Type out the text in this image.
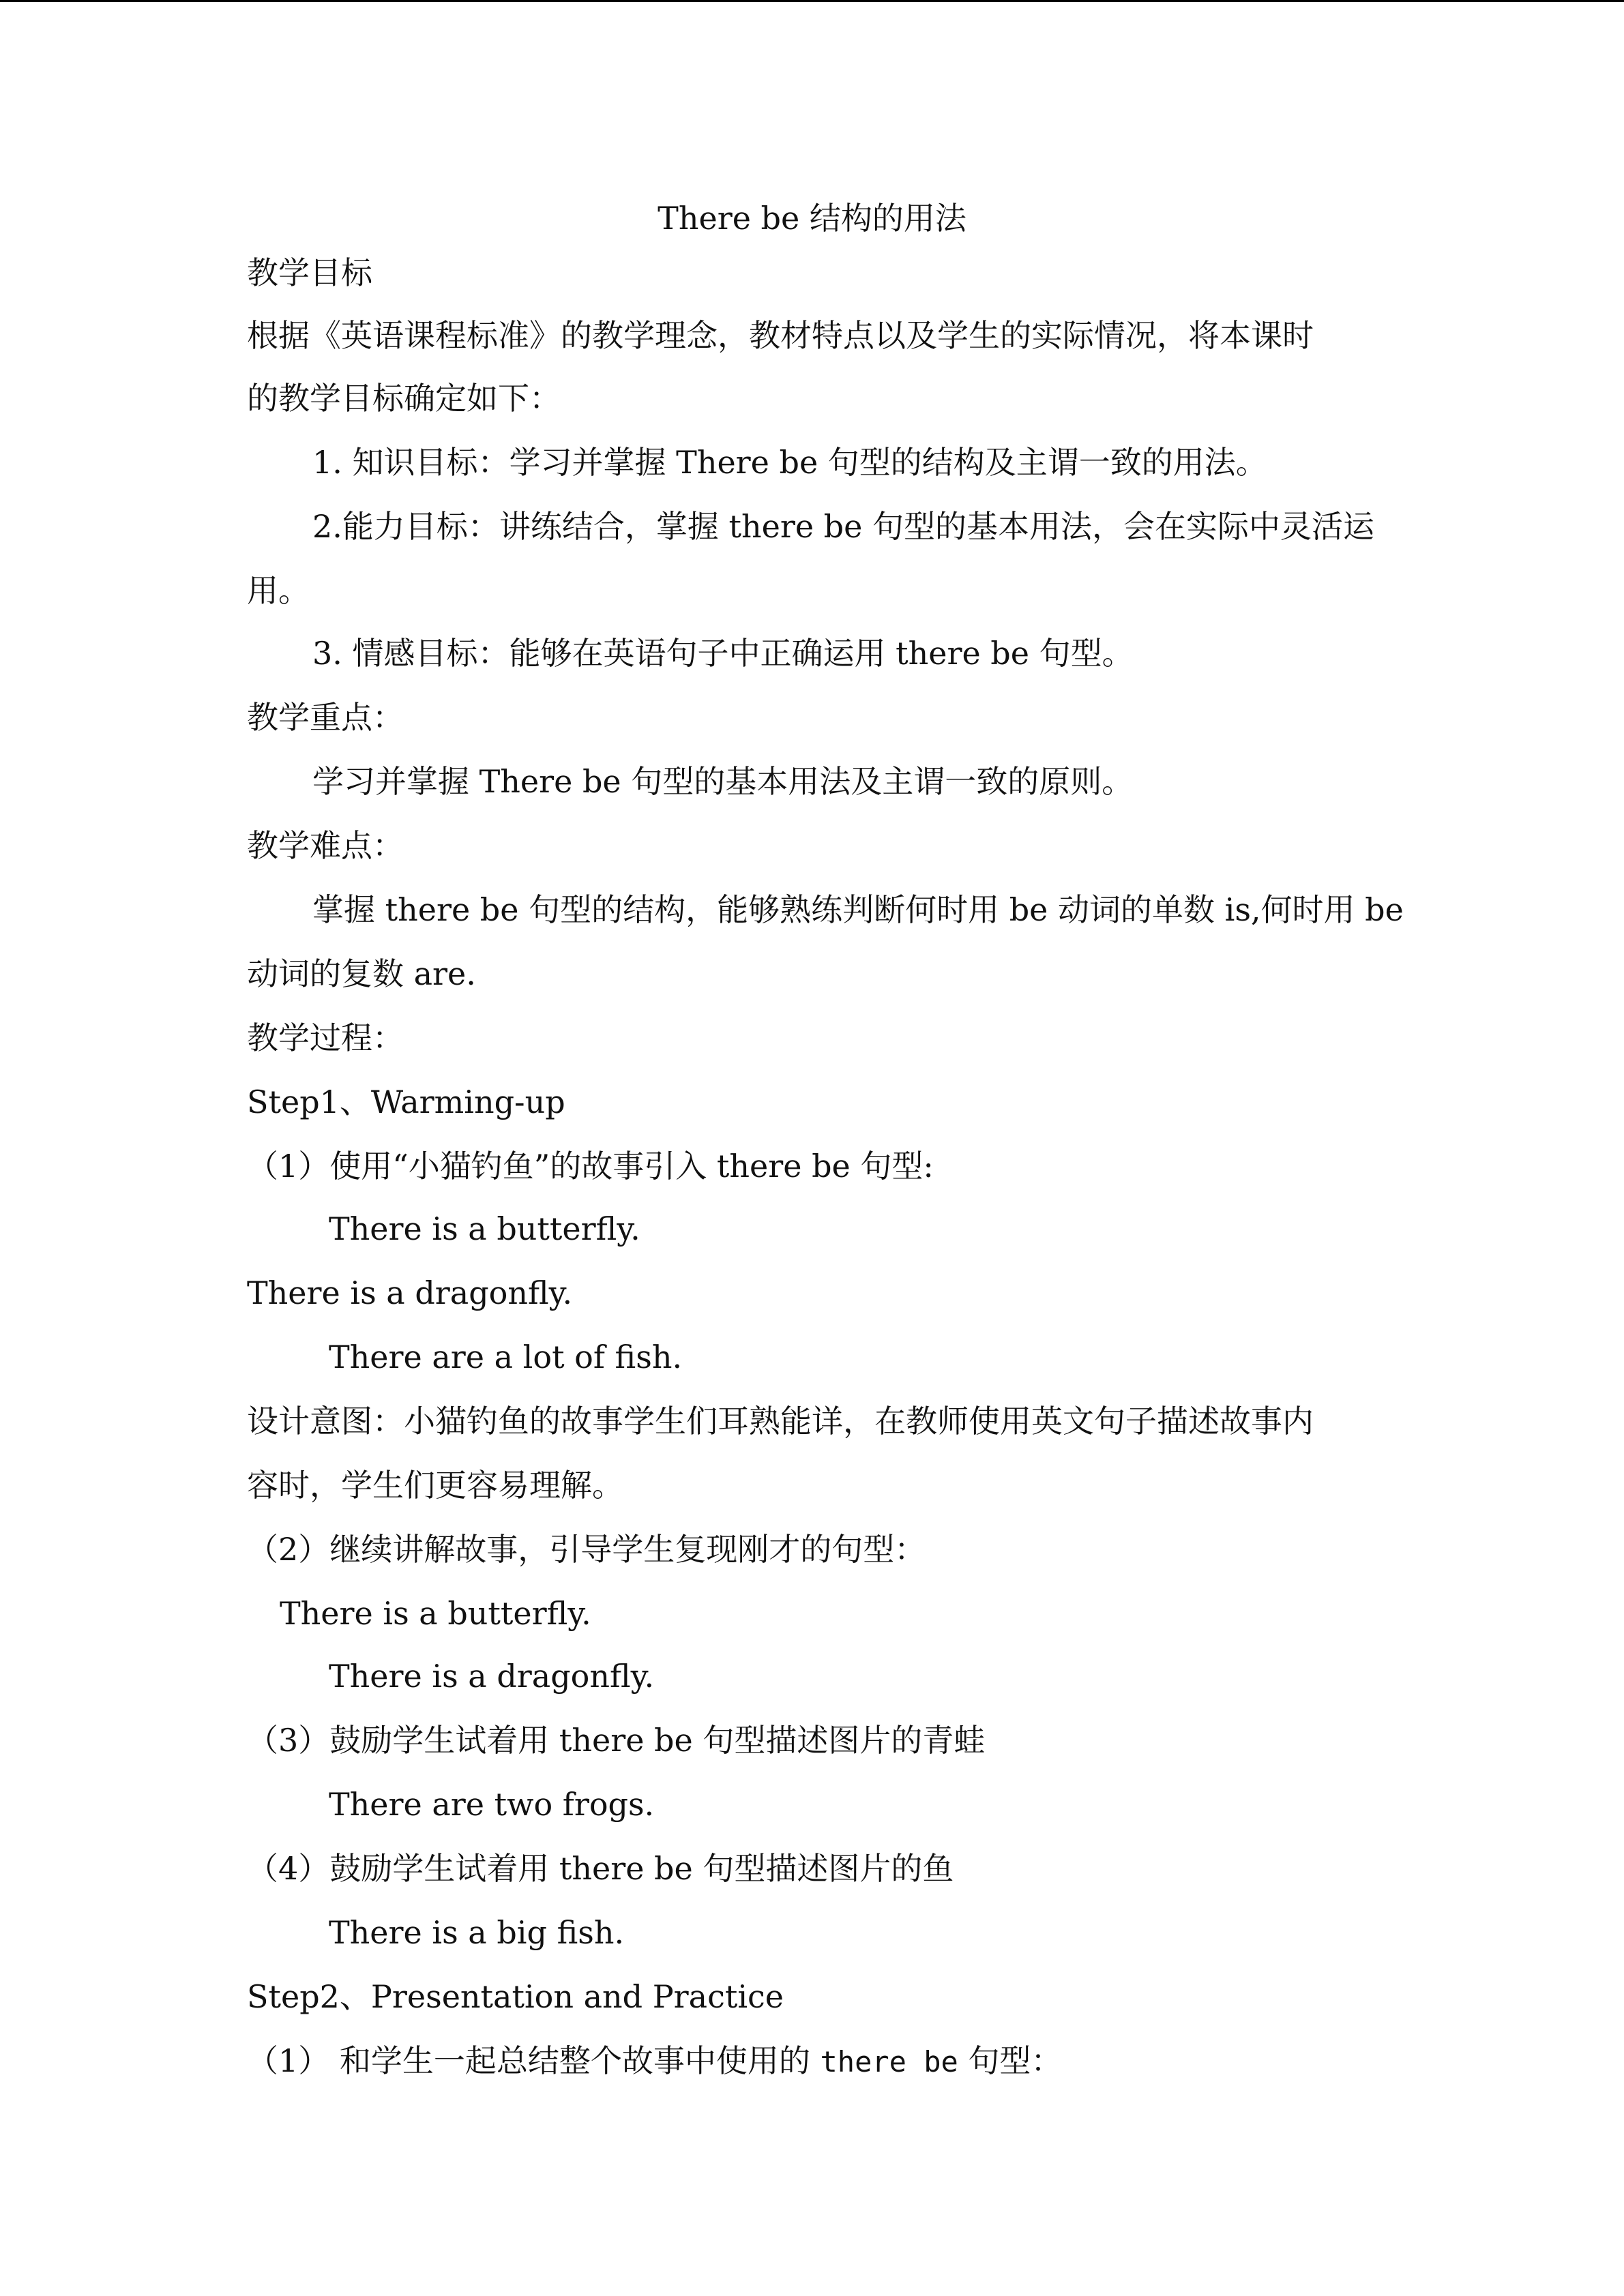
There be 结构的用法
教学目标
根据《英语课程标准》的教学理念，教材特点以及学生的实际情况，将本课时
的教学目标确定如下：
1. 知识目标：学习并掌握 There be 句型的结构及主谓一致的用法。
2.能力目标：讲练结合，掌握 there be 句型的基本用法，会在实际中灵活运
用。
3. 情感目标：能够在英语句子中正确运用 there be 句型。
教学重点：
学习并掌握 There be 句型的基本用法及主谓一致的原则。
教学难点：
掌握 there be 句型的结构，能够熟练判断何时用 be 动词的单数 is,何时用 be
动词的复数 are.
教学过程：
Step1、Warming-up
（1）使用“小猫钓鱼”的故事引入 there be 句型:
There is a butterfly.
There is a dragonfly.
There are a lot of fish.
设计意图：小猫钓鱼的故事学生们耳熟能详，在教师使用英文句子描述故事内
容时，学生们更容易理解。
（2）继续讲解故事，引导学生复现刚才的句型：
There is a butterfly.
There is a dragonfly.
（3）鼓励学生试着用 there be 句型描述图片的青蛙
There are two frogs.
（4）鼓励学生试着用 there be 句型描述图片的鱼
There is a big fish.
Step2、Presentation and Practice
（1） 和学生一起总结整个故事中使用的 there be 句型：
